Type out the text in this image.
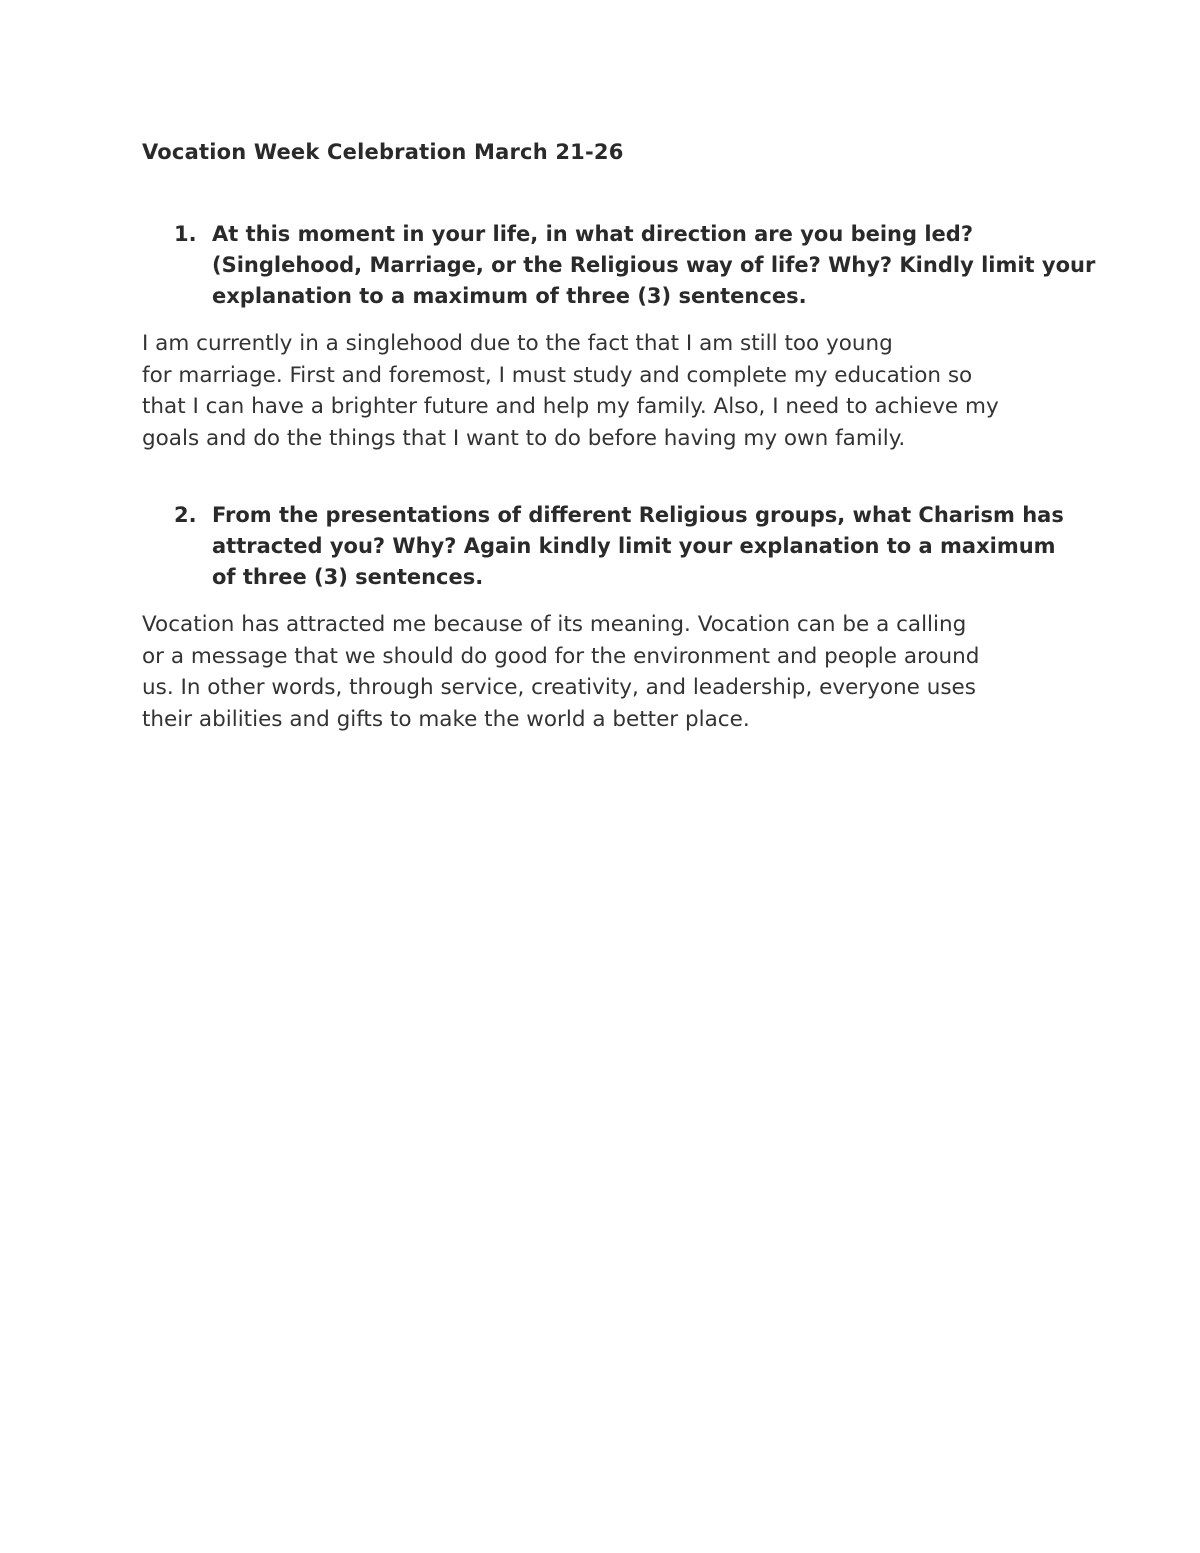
Vocation Week Celebration March 21-26
1. At this moment in your life, in what direction are you being led?
(Singlehood, Marriage, or the Religious way of life? Why? Kindly limit your
explanation to a maximum of three (3) sentences.
I am currently in a singlehood due to the fact that I am still too young
for marriage. First and foremost, I must study and complete my education so
that I can have a brighter future and help my family. Also, I need to achieve my
goals and do the things that I want to do before having my own family.
2. From the presentations of different Religious groups, what Charism has
attracted you? Why? Again kindly limit your explanation to a maximum
of three (3) sentences.
Vocation has attracted me because of its meaning. Vocation can be a calling
or a message that we should do good for the environment and people around
us. In other words, through service, creativity, and leadership, everyone uses
their abilities and gifts to make the world a better place.
